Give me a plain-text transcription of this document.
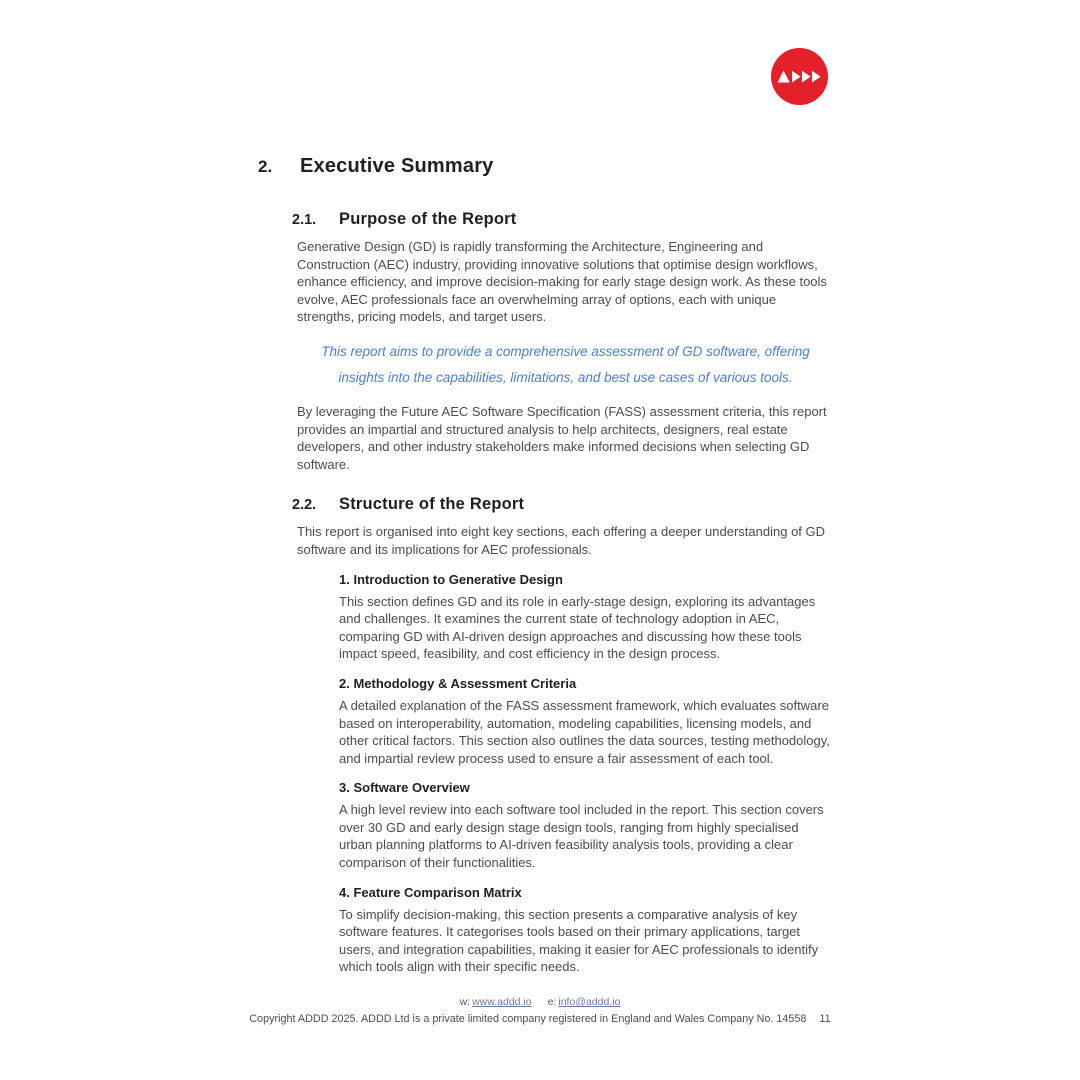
2.	Executive Summary
2.1.	Purpose of the Report

Generative Design (GD) is rapidly transforming the Architecture, Engineering and Construction (AEC) industry, providing innovative solutions that optimise design workflows, enhance efficiency, and improve decision-making for early stage design work. As these tools evolve, AEC professionals face an overwhelming array of options, each with unique strengths, pricing models, and target users.

This report aims to provide a comprehensive assessment of GD software, offering insights into the capabilities, limitations, and best use cases of various tools.

By leveraging the Future AEC Software Specification (FASS) assessment criteria, this report provides an impartial and structured analysis to help architects, designers, real estate developers, and other industry stakeholders make informed decisions when selecting GD software.

2.2.	Structure of the Report

This report is organised into eight key sections, each offering a deeper understanding of GD software and its implications for AEC professionals.

1. Introduction to Generative Design
This section defines GD and its role in early-stage design, exploring its advantages and challenges. It examines the current state of technology adoption in AEC, comparing GD with AI-driven design approaches and discussing how these tools impact speed, feasibility, and cost efficiency in the design process.
2. Methodology & Assessment Criteria
A detailed explanation of the FASS assessment framework, which evaluates software based on interoperability, automation, modeling capabilities, licensing models, and other critical factors. This section also outlines the data sources, testing methodology, and impartial review process used to ensure a fair assessment of each tool.
3. Software Overview
A high level review into each software tool included in the report. This section covers over 30 GD and early design stage design tools, ranging from highly specialised urban planning platforms to AI-driven feasibility analysis tools, providing a clear comparison of their functionalities.
4. Feature Comparison Matrix
To simplify decision-making, this section presents a comparative analysis of key software features. It categorises tools based on their primary applications, target users, and integration capabilities, making it easier for AEC professionals to identify which tools align with their specific needs.
w: www.addd.io e: info@addd.io
Copyright ADDD 2025. ADDD Ltd is a private limited company registered in England and Wales Company No. 14558 11
